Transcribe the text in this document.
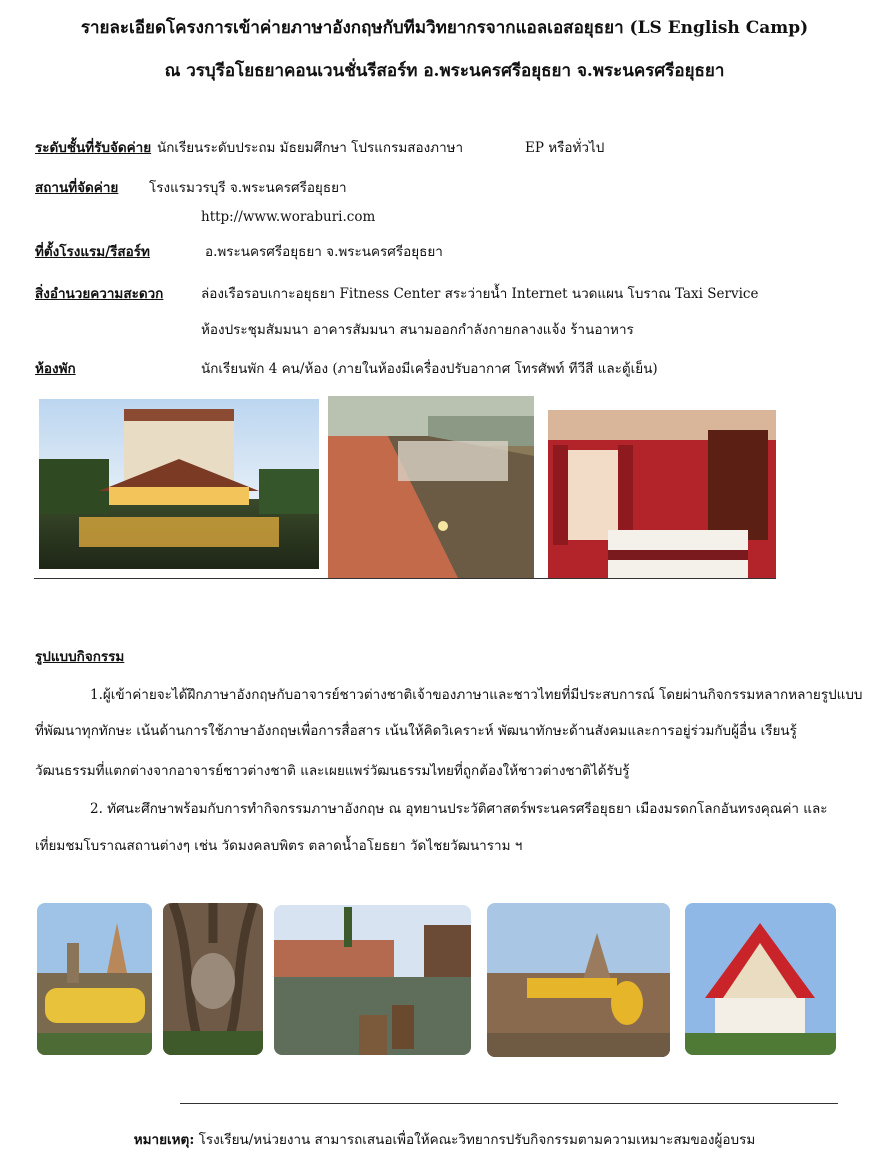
รายละเอียดโครงการเข้าค่ายภาษาอังกฤษกับทีมวิทยากรจากแอลเอสอยุธยา (LS English Camp)
ณ วรบุรีอโยธยาคอนเวนชั่นรีสอร์ท อ.พระนครศรีอยุธยา จ.พระนครศรีอยุธยา
ระดับชั้นที่รับจัดค่าย นักเรียนระดับประถม มัธยมศึกษา โปรแกรมสองภาษา	EP หรือทั่วไป
สถานที่จัดค่าย โรงแรมวรบุรี จ.พระนครศรีอยุธยา
http://www.woraburi.com
ที่ตั้งโรงแรม/รีสอร์ท	อ.พระนครศรีอยุธยา จ.พระนครศรีอยุธยา
สิ่งอำนวยความสะดวก	ล่องเรือรอบเกาะอยุธยา Fitness Center สระว่ายน้ำ Internet นวดแผน โบราณ Taxi Service
ห้องประชุมสัมมนา อาคารสัมมนา สนามออกกำลังกายกลางแจ้ง ร้านอาหาร
ห้องพัก	นักเรียนพัก 4 คน/ห้อง (ภายในห้องมีเครื่องปรับอากาศ โทรศัพท์ ทีวีสี และตู้เย็น)
รูปแบบกิจกรรม
1.ผู้เข้าค่ายจะได้ฝึกภาษาอังกฤษกับอาจารย์ชาวต่างชาติเจ้าของภาษาและชาวไทยที่มีประสบการณ์ โดยผ่านกิจกรรมหลากหลายรูปแบบ
ที่พัฒนาทุกทักษะ เน้นด้านการใช้ภาษาอังกฤษเพื่อการสื่อสาร เน้นให้คิดวิเคราะห์ พัฒนาทักษะด้านสังคมและการอยู่ร่วมกับผู้อื่น เรียนรู้
วัฒนธรรมที่แตกต่างจากอาจารย์ชาวต่างชาติ และเผยแพร่วัฒนธรรมไทยที่ถูกต้องให้ชาวต่างชาติได้รับรู้
2. ทัศนะศึกษาพร้อมกับการทำกิจกรรมภาษาอังกฤษ ณ อุทยานประวัติศาสตร์พระนครศรีอยุธยา เมืองมรดกโลกอันทรงคุณค่า และ
เที่ยมชมโบราณสถานต่างๆ เช่น วัดมงคลบพิตร ตลาดน้ำอโยธยา วัดไชยวัฒนาราม ฯ
หมายเหตุ: โรงเรียน/หน่วยงาน สามารถเสนอเพื่อให้คณะวิทยากรปรับกิจกรรมตามความเหมาะสมของผู้อบรม
